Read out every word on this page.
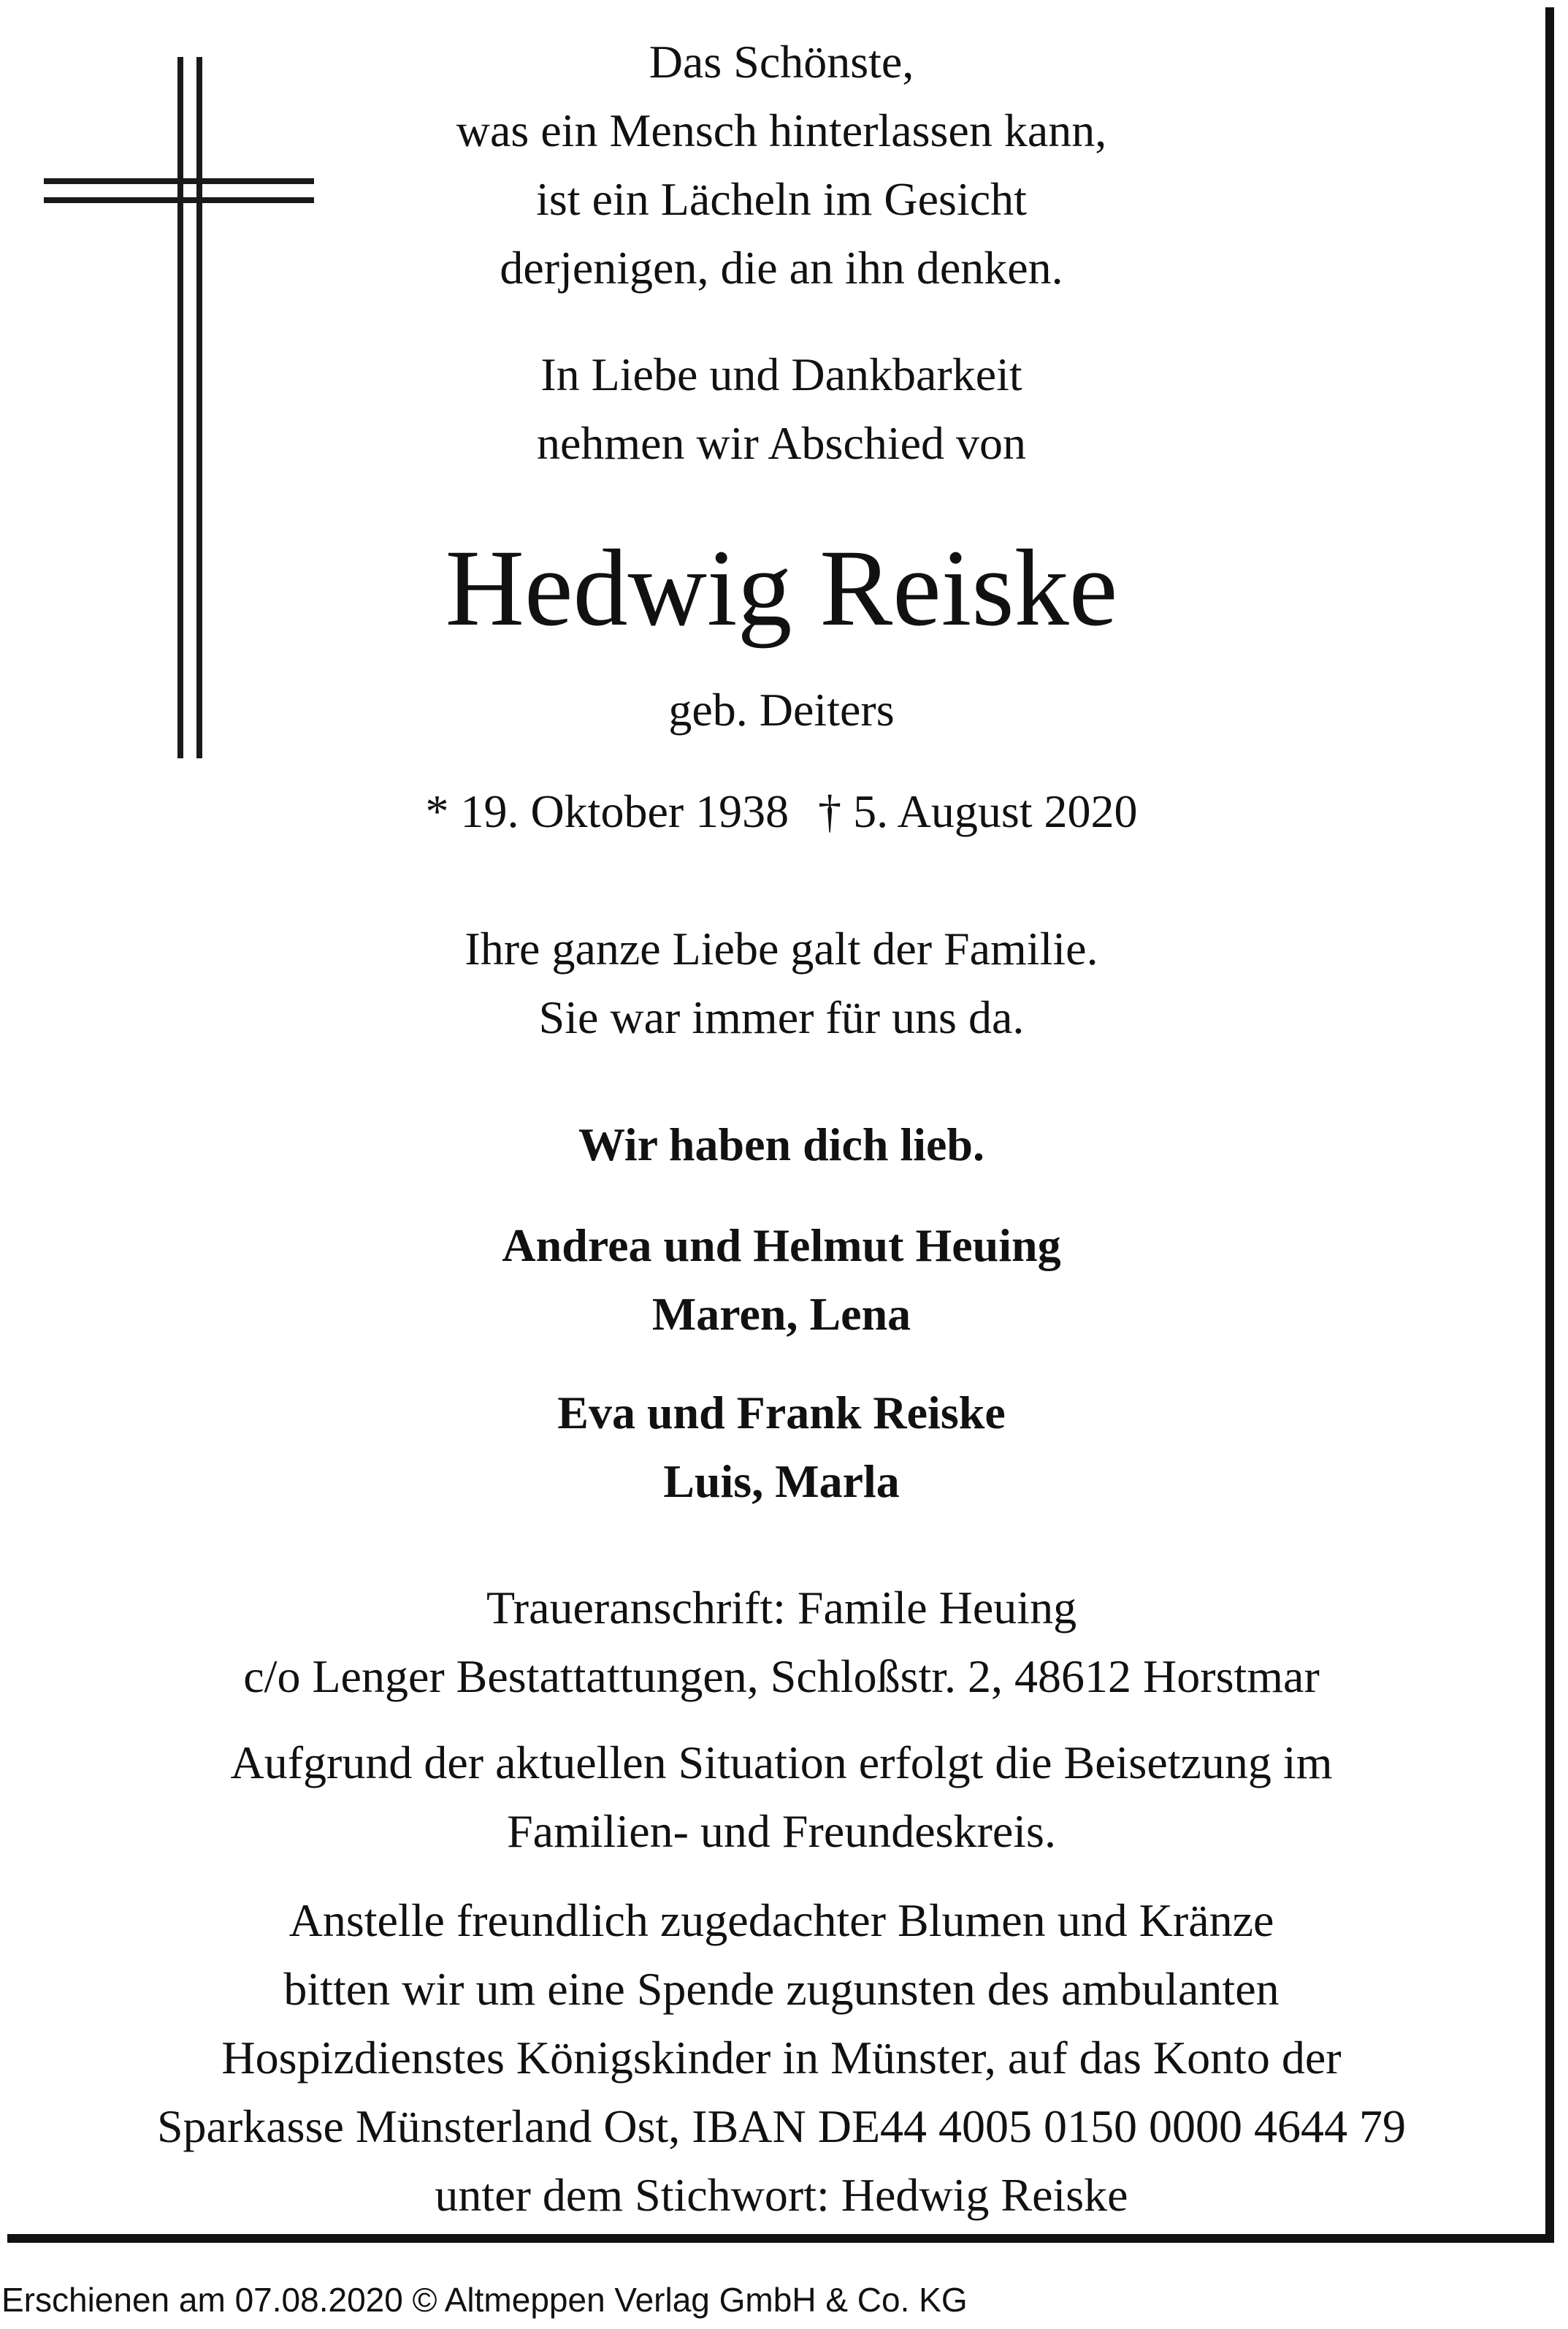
Das Schönste,
was ein Mensch hinterlassen kann,
ist ein Lächeln im Gesicht
derjenigen, die an ihn denken.
In Liebe und Dankbarkeit
nehmen wir Abschied von
Hedwig Reiske
geb. Deiters
* 19. Oktober 1938 † 5. August 2020
Ihre ganze Liebe galt der Familie.
Sie war immer für uns da.
Wir haben dich lieb.
Andrea und Helmut Heuing
Maren, Lena
Eva und Frank Reiske
Luis, Marla
Traueranschrift: Famile Heuing
c/o Lenger Bestattattungen, Schloßstr. 2, 48612 Horstmar
Aufgrund der aktuellen Situation erfolgt die Beisetzung im
Familien- und Freundeskreis.
Anstelle freundlich zugedachter Blumen und Kränze
bitten wir um eine Spende zugunsten des ambulanten
Hospizdienstes Königskinder in Münster, auf das Konto der
Sparkasse Münsterland Ost, IBAN DE44 4005 0150 0000 4644 79
unter dem Stichwort: Hedwig Reiske
Erschienen am 07.08.2020 © Altmeppen Verlag GmbH & Co. KG
